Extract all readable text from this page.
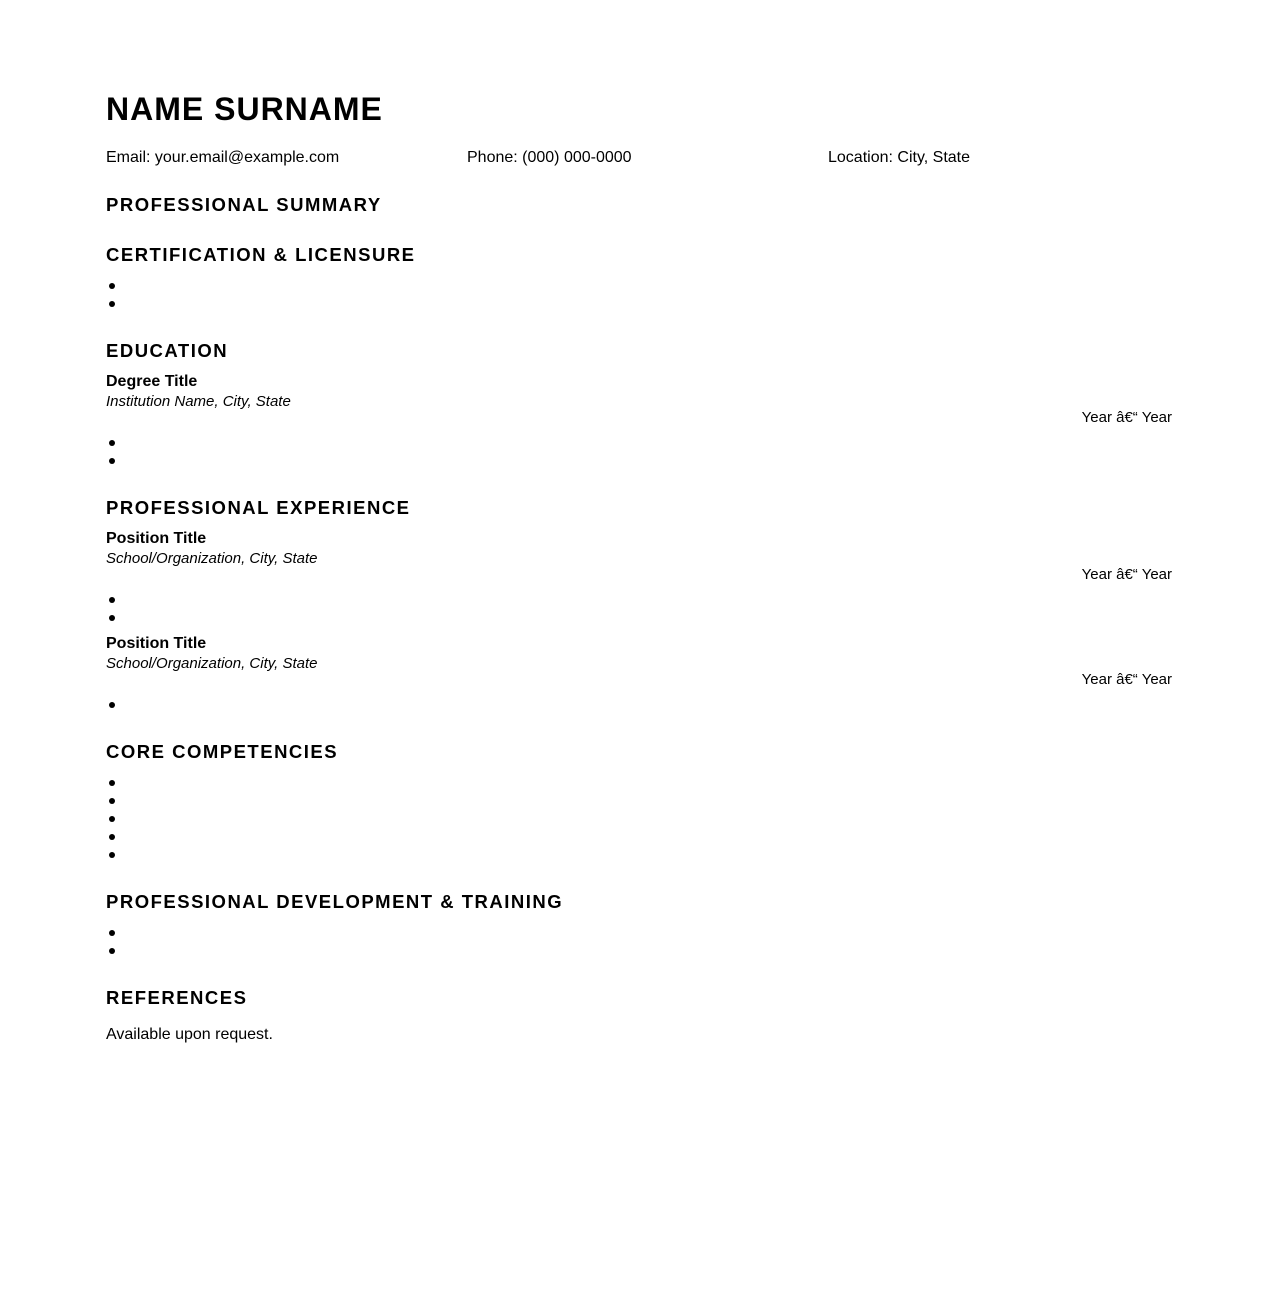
NAME SURNAME
Email: your.email@example.com	Phone: (000) 000-0000	Location: City, State
PROFESSIONAL SUMMARY
CERTIFICATION & LICENSURE
EDUCATION
Degree Title
Institution Name, City, State
Year â€“ Year
PROFESSIONAL EXPERIENCE
Position Title
School/Organization, City, State
Year â€“ Year
Position Title
School/Organization, City, State
Year â€“ Year
CORE COMPETENCIES
PROFESSIONAL DEVELOPMENT & TRAINING
REFERENCES
Available upon request.
